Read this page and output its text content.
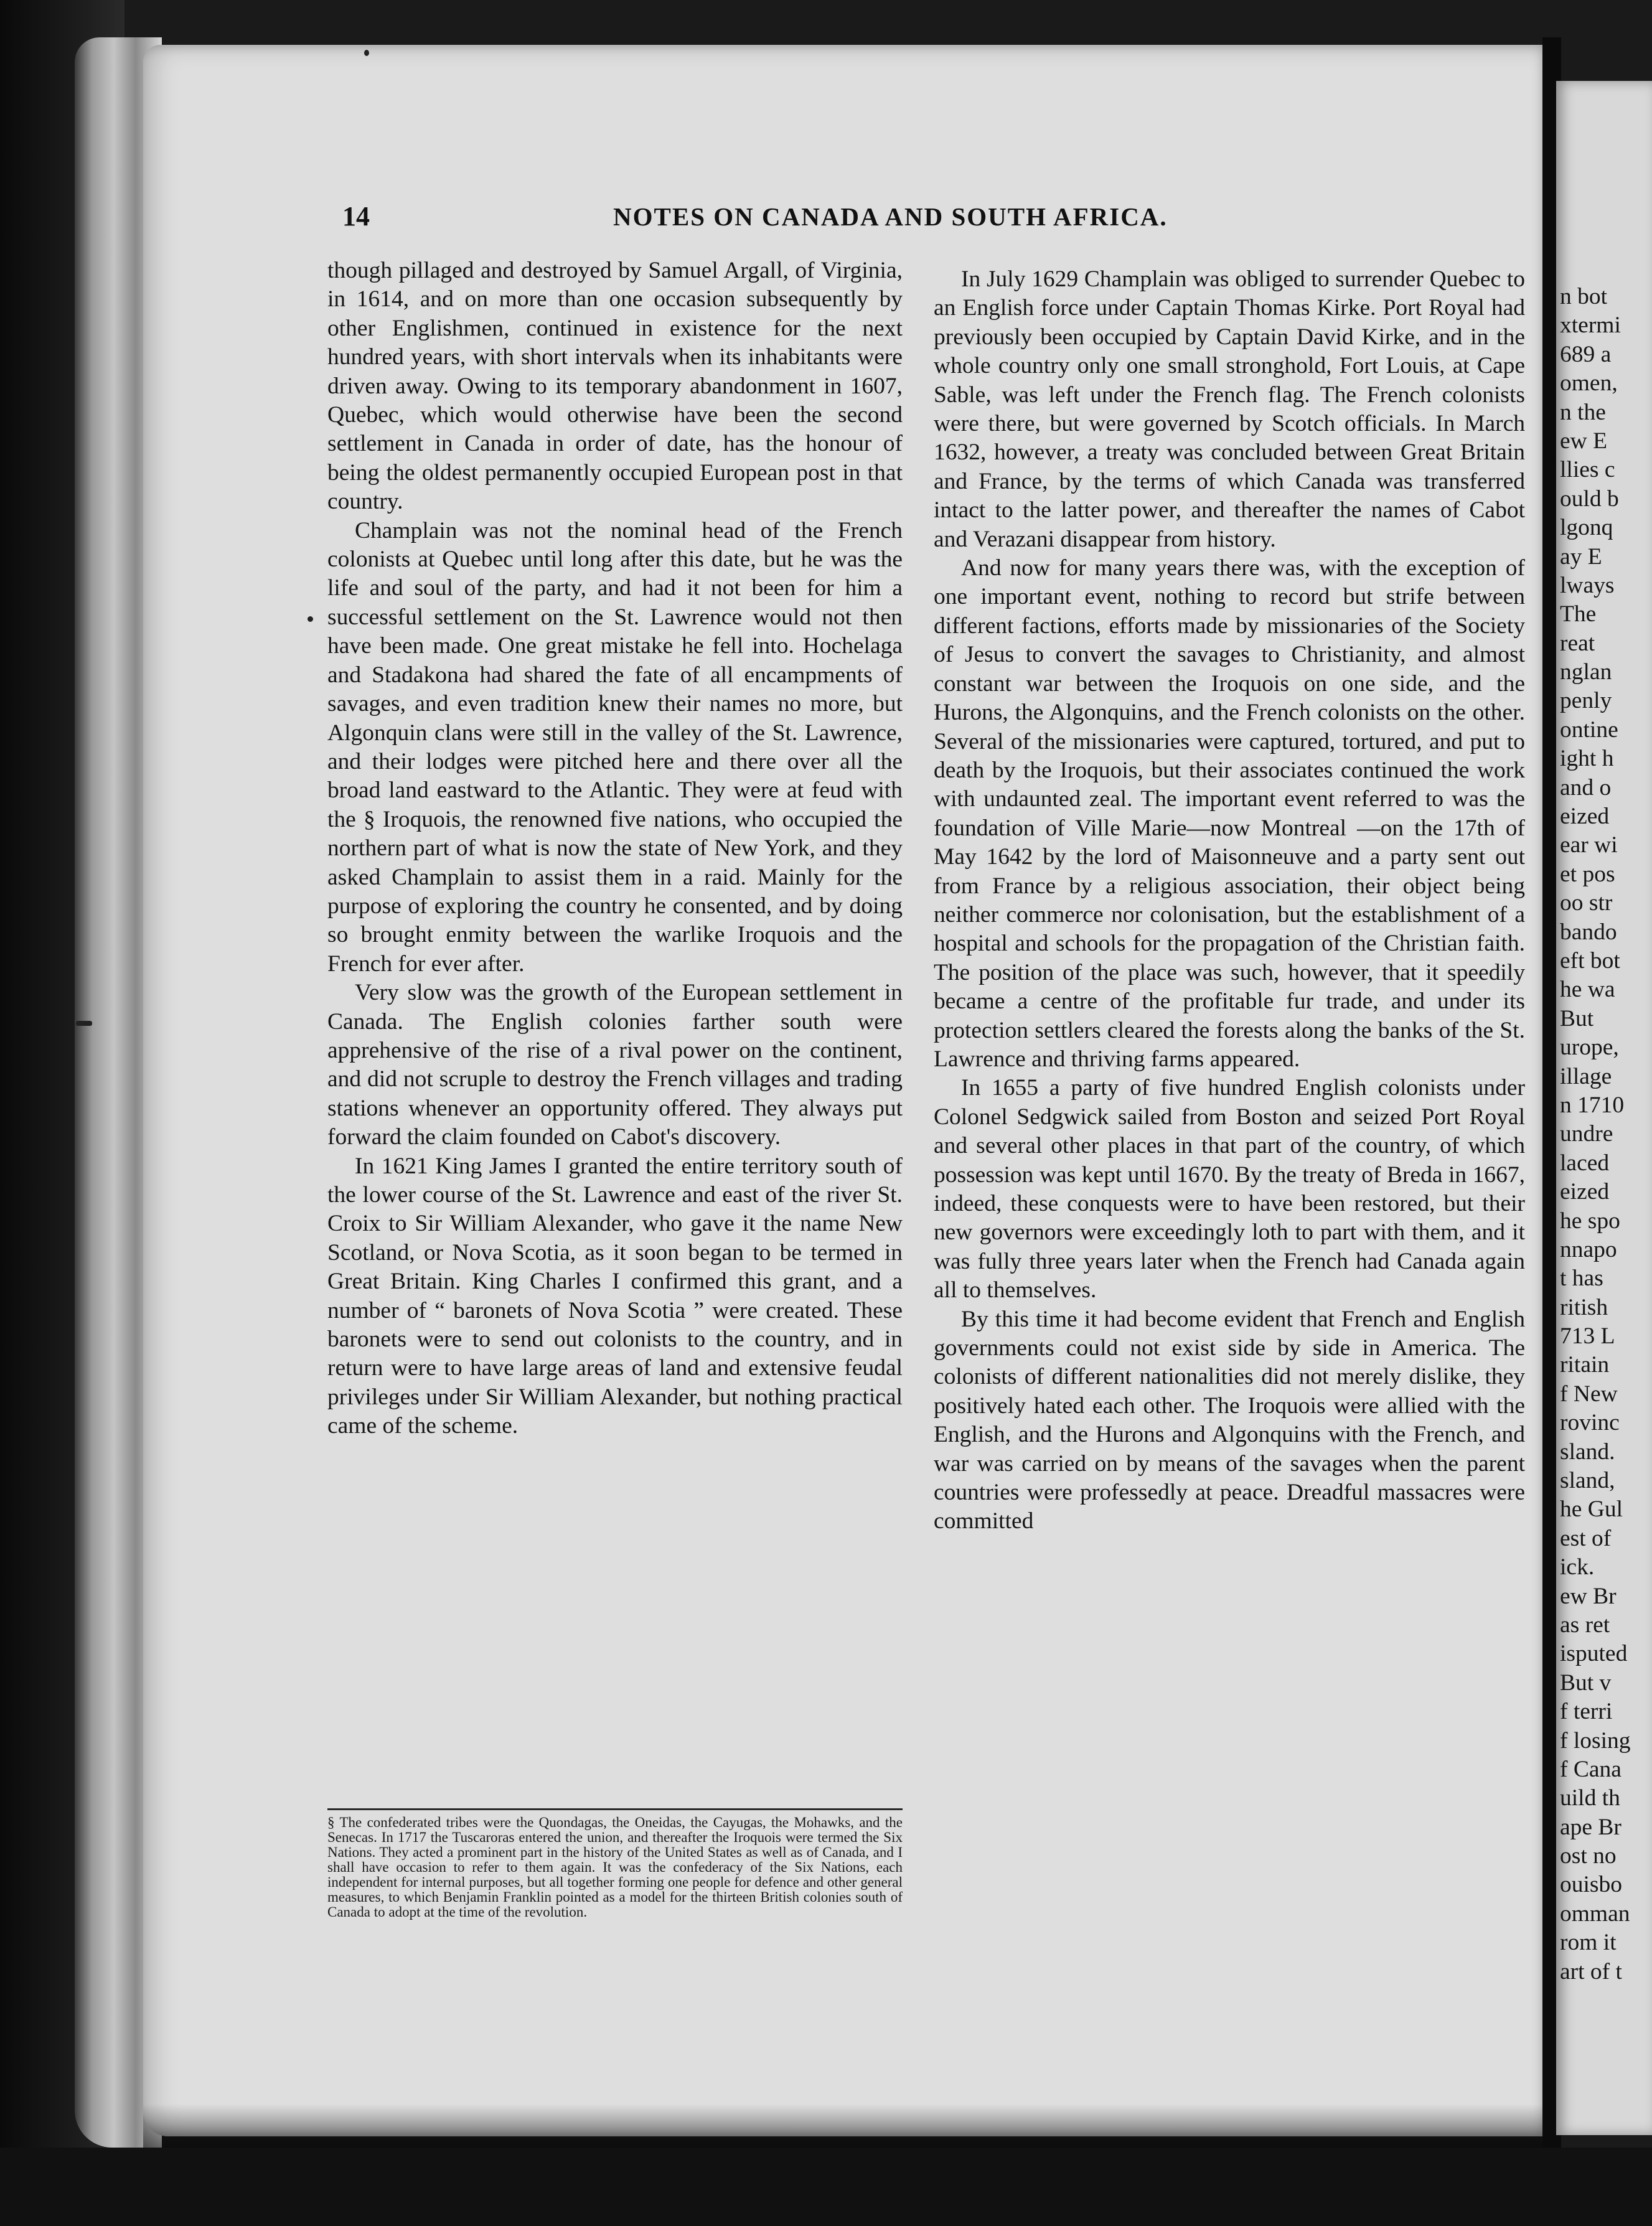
14	NOTES ON CANADA AND SOUTH AFRICA.

though pillaged and destroyed by Samuel Argall, of Virginia, in 1614, and on more than one occasion subsequently by other Englishmen, continued in existence for the next hundred years, with short intervals when its inhabitants were driven away. Owing to its temporary abandonment in 1607, Quebec, which would otherwise have been the second settlement in Canada in order of date, has the honour of being the oldest permanently occupied European post in that country.

Champlain was not the nominal head of the French colonists at Quebec until long after this date, but he was the life and soul of the party, and had it not been for him a successful settlement on the St. Lawrence would not then have been made. One great mistake he fell into. Hochelaga and Stadakona had shared the fate of all encampments of savages, and even tradition knew their names no more, but Algonquin clans were still in the valley of the St. Lawrence, and their lodges were pitched here and there over all the broad land eastward to the Atlantic. They were at feud with the § Iroquois, the renowned five nations, who occupied the northern part of what is now the state of New York, and they asked Champlain to assist them in a raid. Mainly for the purpose of exploring the country he consented, and by doing so brought enmity between the warlike Iroquois and the French for ever after.

Very slow was the growth of the European settlement in Canada. The English colonies farther south were apprehensive of the rise of a rival power on the continent, and did not scruple to destroy the French villages and trading stations whenever an opportunity offered. They always put forward the claim founded on Cabot's discovery.

In 1621 King James I granted the entire territory south of the lower course of the St. Lawrence and east of the river St. Croix to Sir William Alexander, who gave it the name New Scotland, or Nova Scotia, as it soon began to be termed in Great Britain. King Charles I confirmed this grant, and a number of “ baronets of Nova Scotia ” were created. These baronets were to send out colonists to the country, and in return were to have large areas of land and extensive feudal privileges under Sir William Alexander, but nothing practical came of the scheme.

§ The confederated tribes were the Quondagas, the Oneidas, the Cayugas, the Mohawks, and the Senecas. In 1717 the Tuscaroras entered the union, and thereafter the Iroquois were termed the Six Nations. They acted a prominent part in the history of the United States as well as of Canada, and I shall have occasion to refer to them again. It was the confederacy of the Six Nations, each independent for internal purposes, but all together forming one people for defence and other general measures, to which Benjamin Franklin pointed as a model for the thirteen British colonies south of Canada to adopt at the time of the revolution.

In July 1629 Champlain was obliged to surrender Quebec to an English force under Captain Thomas Kirke. Port Royal had previously been occupied by Captain David Kirke, and in the whole country only one small stronghold, Fort Louis, at Cape Sable, was left under the French flag. The French colonists were there, but were governed by Scotch officials. In March 1632, however, a treaty was concluded between Great Britain and France, by the terms of which Canada was transferred intact to the latter power, and thereafter the names of Cabot and Verazani disappear from history.

And now for many years there was, with the exception of one important event, nothing to record but strife between different factions, efforts made by missionaries of the Society of Jesus to convert the savages to Christianity, and almost constant war between the Iroquois on one side, and the Hurons, the Algonquins, and the French colonists on the other. Several of the missionaries were captured, tortured, and put to death by the Iroquois, but their associates continued the work with undaunted zeal. The important event referred to was the foundation of Ville Marie—now Montreal —on the 17th of May 1642 by the lord of Maisonneuve and a party sent out from France by a religious association, their object being neither commerce nor colonisation, but the establishment of a hospital and schools for the propagation of the Christian faith. The position of the place was such, however, that it speedily became a centre of the profitable fur trade, and under its protection settlers cleared the forests along the banks of the St. Lawrence and thriving farms appeared.

In 1655 a party of five hundred English colonists under Colonel Sedgwick sailed from Boston and seized Port Royal and several other places in that part of the country, of which possession was kept until 1670. By the treaty of Breda in 1667, indeed, these conquests were to have been restored, but their new governors were exceedingly loth to part with them, and it was fully three years later when the French had Canada again all to themselves.

By this time it had become evident that French and English governments could not exist side by side in America. The colonists of different nationalities did not merely dislike, they positively hated each other. The Iroquois were allied with the English, and the Hurons and Algonquins with the French, and war was carried on by means of the savages when the parent countries were professedly at peace. Dreadful massacres were committed

n bot
xtermi
689 a
omen,
n the
ew E
llies c
ould b
lgonq
ay E
lways
The
reat
nglan
penly
ontine
ight h
and o
eized
ear wi
et pos
oo str
bando
eft bot
he wa
But
urope,
illage
n 1710
undre
laced
eized
he spo
nnapo
t has
ritish
713 L
ritain
f New
rovinc
sland.
sland,
he Gul
est of
ick.
ew Br
as ret
isputed
But v
f terri
f losing
f Cana
uild th
ape Br
ost no
ouisbo
omman
rom it
art of t
